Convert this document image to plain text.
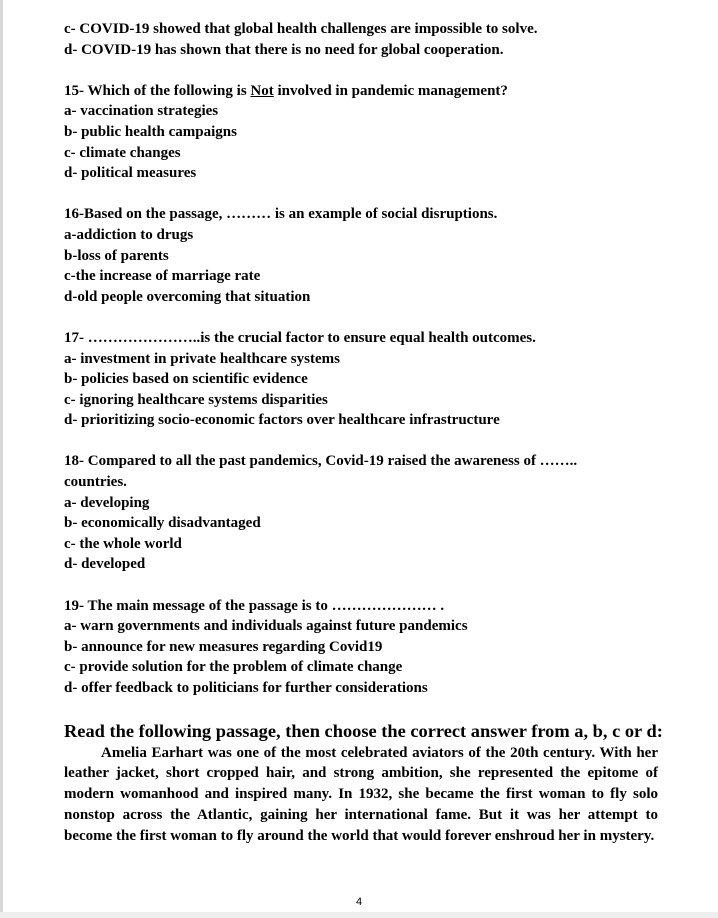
c- COVID-19 showed that global health challenges are impossible to solve.
d- COVID-19 has shown that there is no need for global cooperation.
15- Which of the following is Not involved in pandemic management?
a- vaccination strategies
b- public health campaigns
c- climate changes
d- political measures
16-Based on the passage, ……… is an example of social disruptions.
a-addiction to drugs
b-loss of parents
c-the increase of marriage rate
d-old people overcoming that situation
17- …………………..is the crucial factor to ensure equal health outcomes.
a- investment in private healthcare systems
b- policies based on scientific evidence
c- ignoring healthcare systems disparities
d- prioritizing socio-economic factors over healthcare infrastructure
18- Compared to all the past pandemics, Covid-19 raised the awareness of ……..
countries.
a- developing
b- economically disadvantaged
c- the whole world
d- developed
19- The main message of the passage is to ………………… .
a- warn governments and individuals against future pandemics
b- announce for new measures regarding Covid19
c- provide solution for the problem of climate change
d- offer feedback to politicians for further considerations
Read the following passage, then choose the correct answer from a, b, c or d:
Amelia Earhart was one of the most celebrated aviators of the 20th century. With her leather jacket, short cropped hair, and strong ambition, she represented the epitome of modern womanhood and inspired many. In 1932, she became the first woman to fly solo nonstop across the Atlantic, gaining her international fame. But it was her attempt to become the first woman to fly around the world that would forever enshroud her in mystery.
4
